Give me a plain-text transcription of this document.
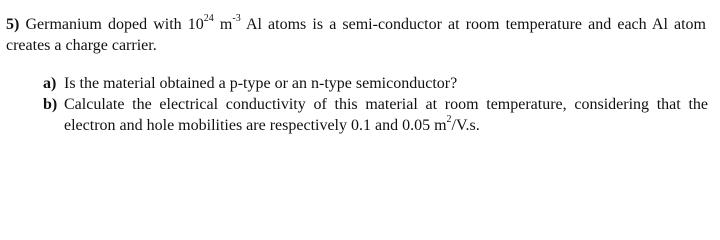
5) Germanium doped with $10^{24}$ $m^{-3}$ Al atoms is a semi-conductor at room temperature and each Al atom creates a charge carrier.
a) Is the material obtained a p-type or an n-type semiconductor?
b) Calculate the electrical conductivity of this material at room temperature, considering that the electron and hole mobilities are respectively 0.1 and 0.05 $m^2/V.s$.
